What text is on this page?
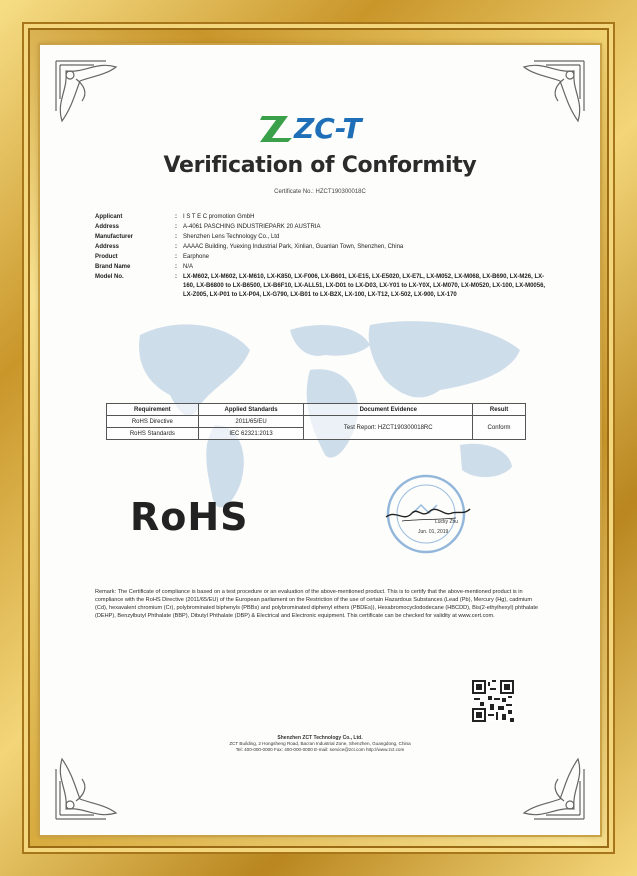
ZC-T
Verification of Conformity
Certificate No.: HZCT190300018C
Applicant	:	I S T E C promotion GmbH
Address	:	A-4061 PASCHING INDUSTRIEPARK 20 AUSTRIA
Manufacturer	:	Shenzhen Lens Technology Co., Ltd
Address	:	AAAAC Building, Yuexing Industrial Park, Xinlian, Guanlan Town, Shenzhen, China
Product	:	Earphone
Brand Name	:	N/A
Model No.	:	LX-M602, LX-M602, LX-M610, LX-K850, LX-F006, LX-B601, LX-E15, LX-E5020, LX-E7L, LX-M052, LX-M068, LX-B690, LX-M26, LX-160, LX-B6800 to LX-B6500, LX-B6F10, LX-ALL51, LX-D01 to LX-D03, LX-Y01 to LX-Y0X, LX-M070, LX-M0520, LX-100, LX-M0056, LX-Z005, LX-P01 to LX-P04, LX-G790, LX-B01 to LX-B2X, LX-100, LX-T12, LX-502, LX-900, LX-170
Requirement	Applied Standards	Document Evidence	Result
RoHS Directive	2011/65/EU	Test Report: HZCT190300018RC	Conform
RoHS Standards	IEC 62321:2013		
RoHS	Lucky Zhu
Jun. 01, 2019
Remark: The Certificate of compliance is based on a test procedure or an evaluation of the above-mentioned product. This is to certify that the above-mentioned product is in compliance with the RoHS Directive (2011/65/EU) of the European parliament on the Restriction of the use of certain Hazardous Substances (Lead (Pb), Mercury (Hg), cadmium (Cd), hexavalent chromium (Cr), polybrominated biphenyls (PBBs) and polybrominated diphenyl ethers (PBDEs)), Hexabromocyclododecane (HBCDD), Bis(2-ethylhexyl) phthalate (DEHP), Benzylbutyl Phthalate (BBP), Dibutyl Phthalate (DBP) & Electrical and Electronic equipment. This certificate can be checked for validity at www.cert.com.
Shenzhen ZCT Technology Co., Ltd.
ZCT Building, 2 Hongsheng Road, Bao'an Industrial Zone, Shenzhen, Guangdong, China
Tel: 400-000-0000 Fax: 400-000-0000 E-mail: service@zct.com http://www.zct.com
